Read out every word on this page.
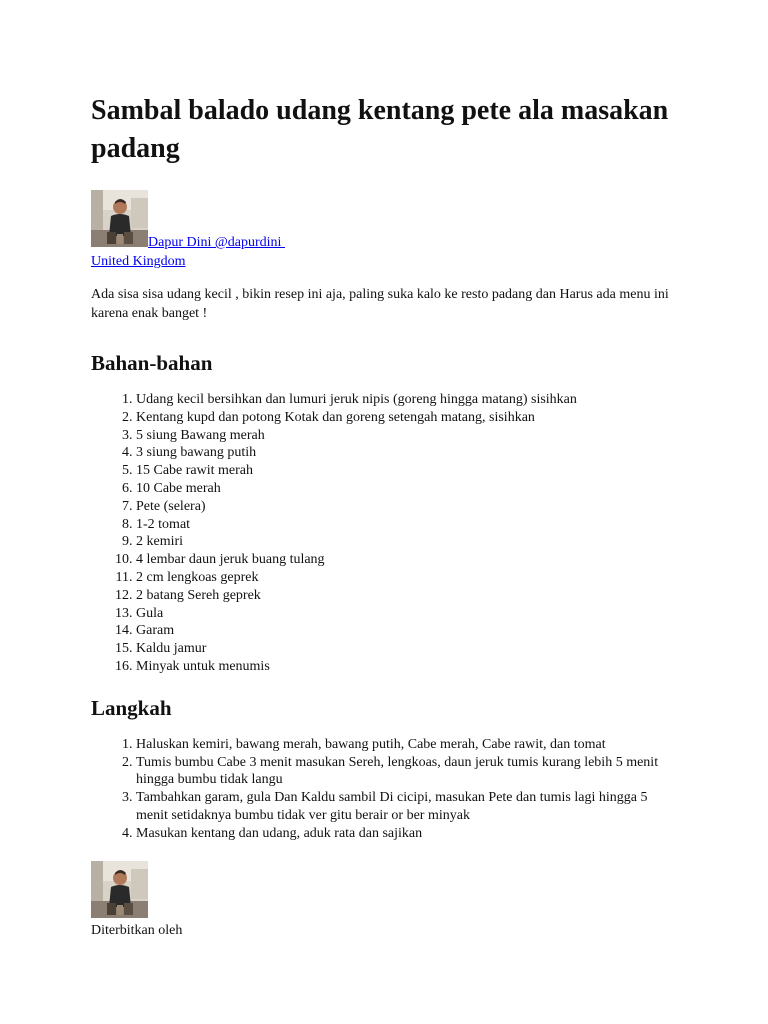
Sambal balado udang kentang pete ala masakan padang
Dapur Dini @dapurdini
United Kingdom

Ada sisa sisa udang kecil , bikin resep ini aja, paling suka kalo ke resto padang dan Harus ada menu ini karena enak banget !

Bahan-bahan
1. Udang kecil bersihkan dan lumuri jeruk nipis (goreng hingga matang) sisihkan
2. Kentang kupd dan potong Kotak dan goreng setengah matang, sisihkan
3. 5 siung Bawang merah
4. 3 siung bawang putih
5. 15 Cabe rawit merah
6. 10 Cabe merah
7. Pete (selera)
8. 1-2 tomat
9. 2 kemiri
10. 4 lembar daun jeruk buang tulang
11. 2 cm lengkoas geprek
12. 2 batang Sereh geprek
13. Gula
14. Garam
15. Kaldu jamur
16. Minyak untuk menumis
Langkah
1. Haluskan kemiri, bawang merah, bawang putih, Cabe merah, Cabe rawit, dan tomat
2. Tumis bumbu Cabe 3 menit masukan Sereh, lengkoas, daun jeruk tumis kurang lebih 5 menit hingga bumbu tidak langu
3. Tambahkan garam, gula Dan Kaldu sambil Di cicipi, masukan Pete dan tumis lagi hingga 5 menit setidaknya bumbu tidak ver gitu berair or ber minyak
4. Masukan kentang dan udang, aduk rata dan sajikan
Diterbitkan oleh
